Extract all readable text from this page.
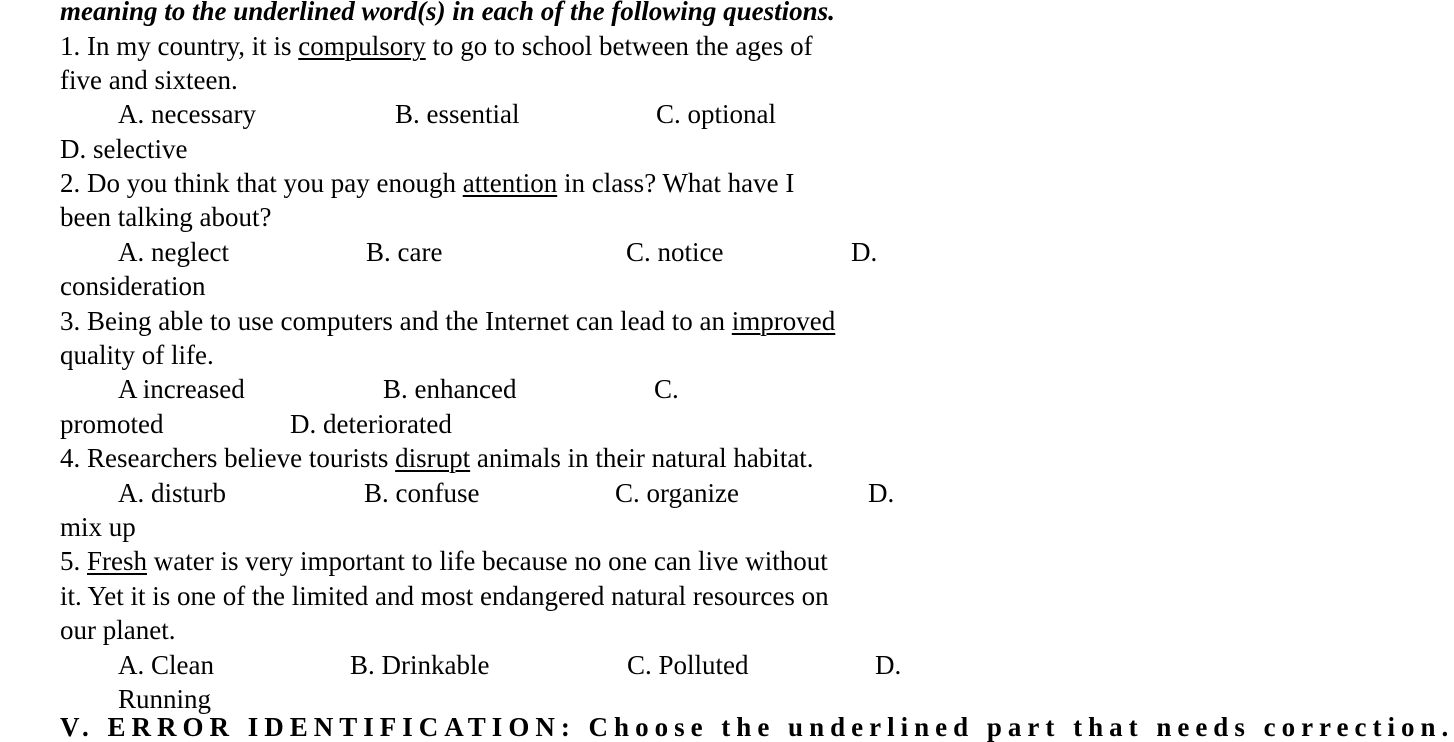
meaning to the underlined word(s) in each of the following questions.

1. In my country, it is compulsory to go to school between the ages of

five and sixteen.

A. necessary	B. essential	C. optional

D. selective

2. Do you think that you pay enough attention in class? What have I

been talking about?

A. neglect	B. care	C. notice	D.

consideration

3. Being able to use computers and the Internet can lead to an improved

quality of life.

A increased	B. enhanced	C.

promoted	D. deteriorated

4. Researchers believe tourists disrupt animals in their natural habitat.

A. disturb	B. confuse	C. organize	D.

mix up

5. Fresh water is very important to life because no one can live without

it. Yet it is one of the limited and most endangered natural resources on

our planet.

A. Clean	B. Drinkable	C. Polluted	D.

Running

V. ERROR IDENTIFICATION: Choose the underlined part that needs correction.
